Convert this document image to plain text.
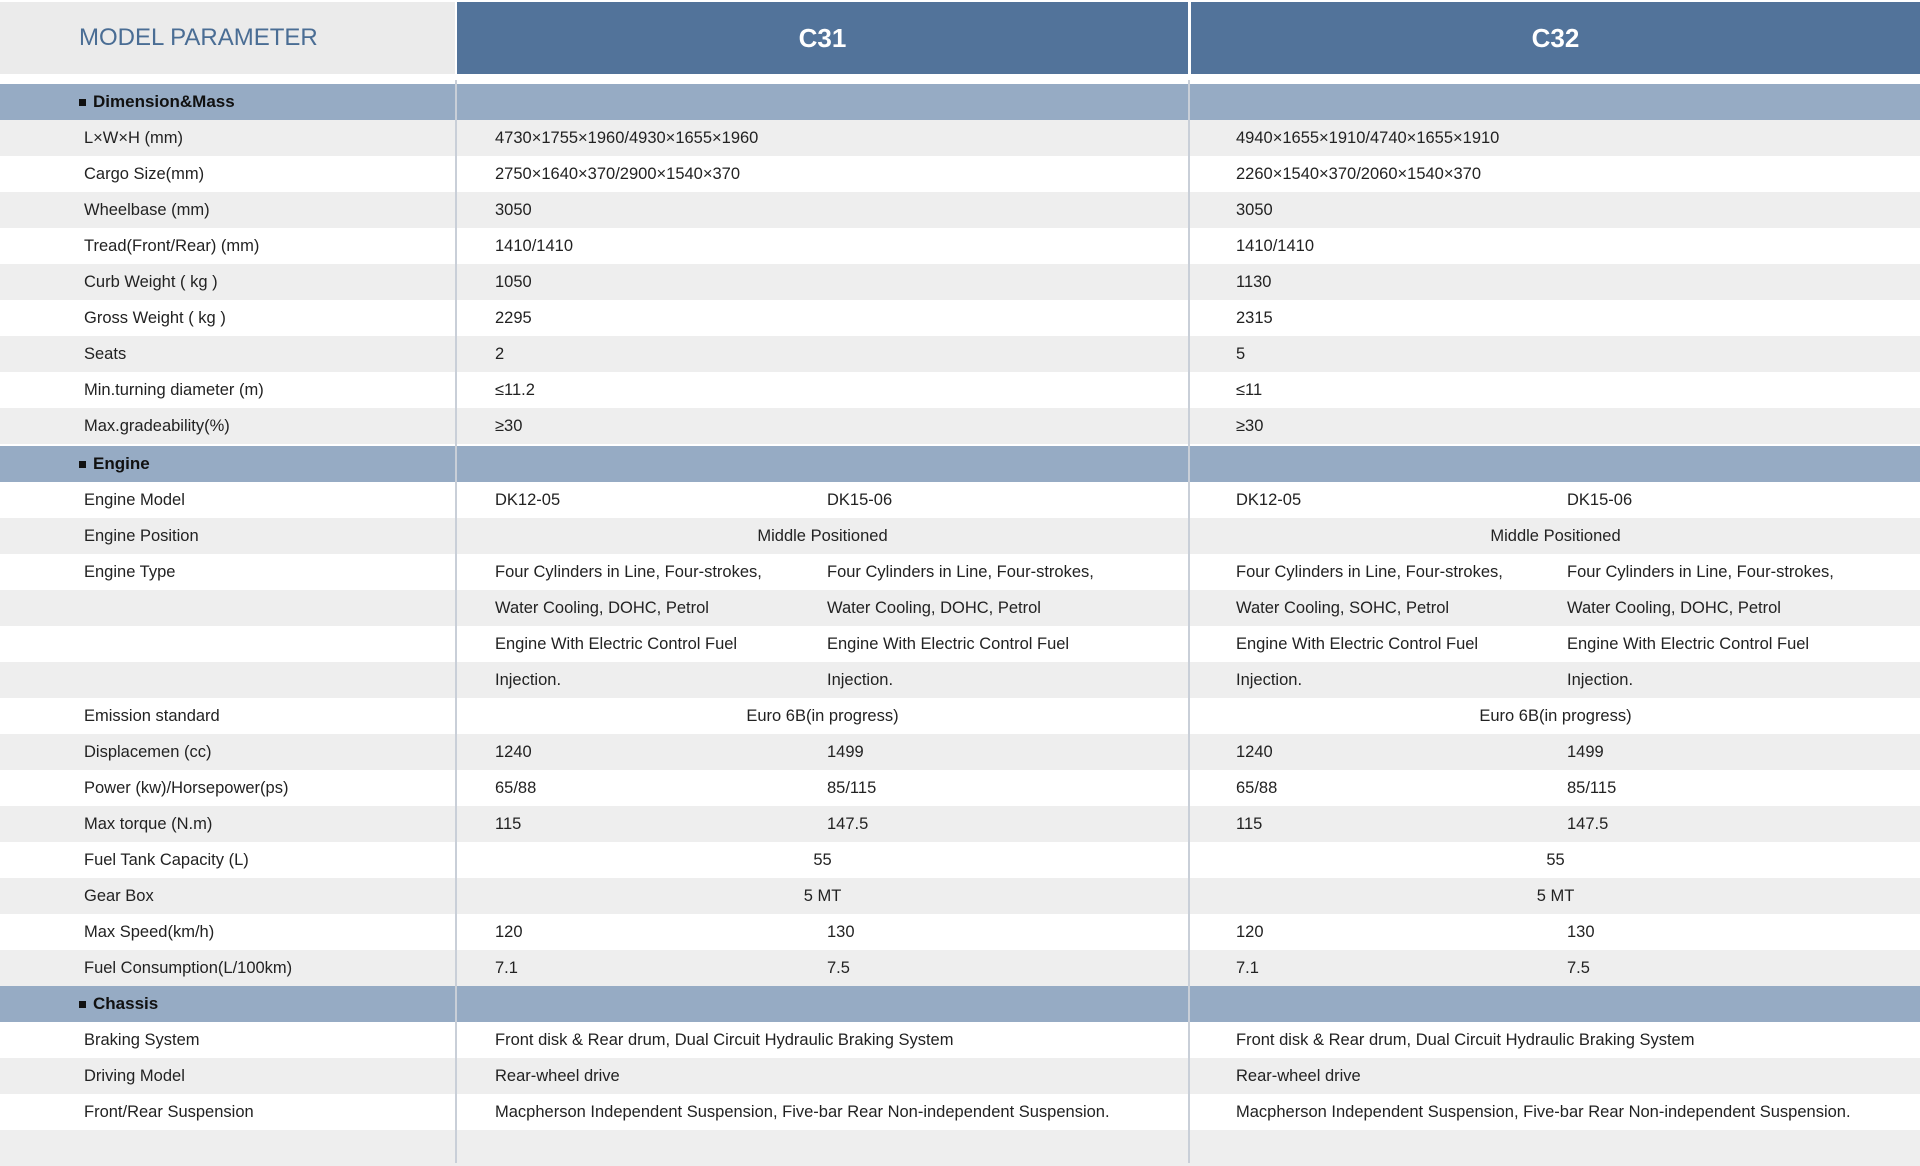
MODEL PARAMETER	C31	C32
Dimension&Mass
L×W×H (mm)	4730×1755×1960/4930×1655×1960	4940×1655×1910/4740×1655×1910
Cargo Size(mm)	2750×1640×370/2900×1540×370	2260×1540×370/2060×1540×370
Wheelbase (mm)	3050	3050
Tread(Front/Rear) (mm)	1410/1410	1410/1410
Curb Weight ( kg )	1050	1130
Gross Weight ( kg )	2295	2315
Seats	2	5
Min.turning diameter (m)	≤11.2	≤11
Max.gradeability(%)	≥30	≥30
Engine
Engine Model	DK12-05	DK15-06	DK12-05	DK15-06
Engine Position	Middle Positioned	Middle Positioned
Engine Type	Four Cylinders in Line, Four-strokes,	Four Cylinders in Line, Four-strokes,	Four Cylinders in Line, Four-strokes,	Four Cylinders in Line, Four-strokes,
Water Cooling, DOHC, Petrol	Water Cooling, DOHC, Petrol	Water Cooling, SOHC, Petrol	Water Cooling, DOHC, Petrol
Engine With Electric Control Fuel	Engine With Electric Control Fuel	Engine With Electric Control Fuel	Engine With Electric Control Fuel
Injection.	Injection.	Injection.	Injection.
Emission standard	Euro 6B(in progress)	Euro 6B(in progress)
Displacemen (cc)	1240	1499	1240	1499
Power (kw)/Horsepower(ps)	65/88	85/115	65/88	85/115
Max torque (N.m)	115	147.5	115	147.5
Fuel Tank Capacity (L)	55	55
Gear Box	5 MT	5 MT
Max Speed(km/h)	120	130	120	130
Fuel Consumption(L/100km)	7.1	7.5	7.1	7.5
Chassis
Braking System	Front disk & Rear drum, Dual Circuit Hydraulic Braking System	Front disk & Rear drum, Dual Circuit Hydraulic Braking System
Driving Model	Rear-wheel drive	Rear-wheel drive
Front/Rear Suspension	Macpherson Independent Suspension, Five-bar Rear Non-independent Suspension.	Macpherson Independent Suspension, Five-bar Rear Non-independent Suspension.
